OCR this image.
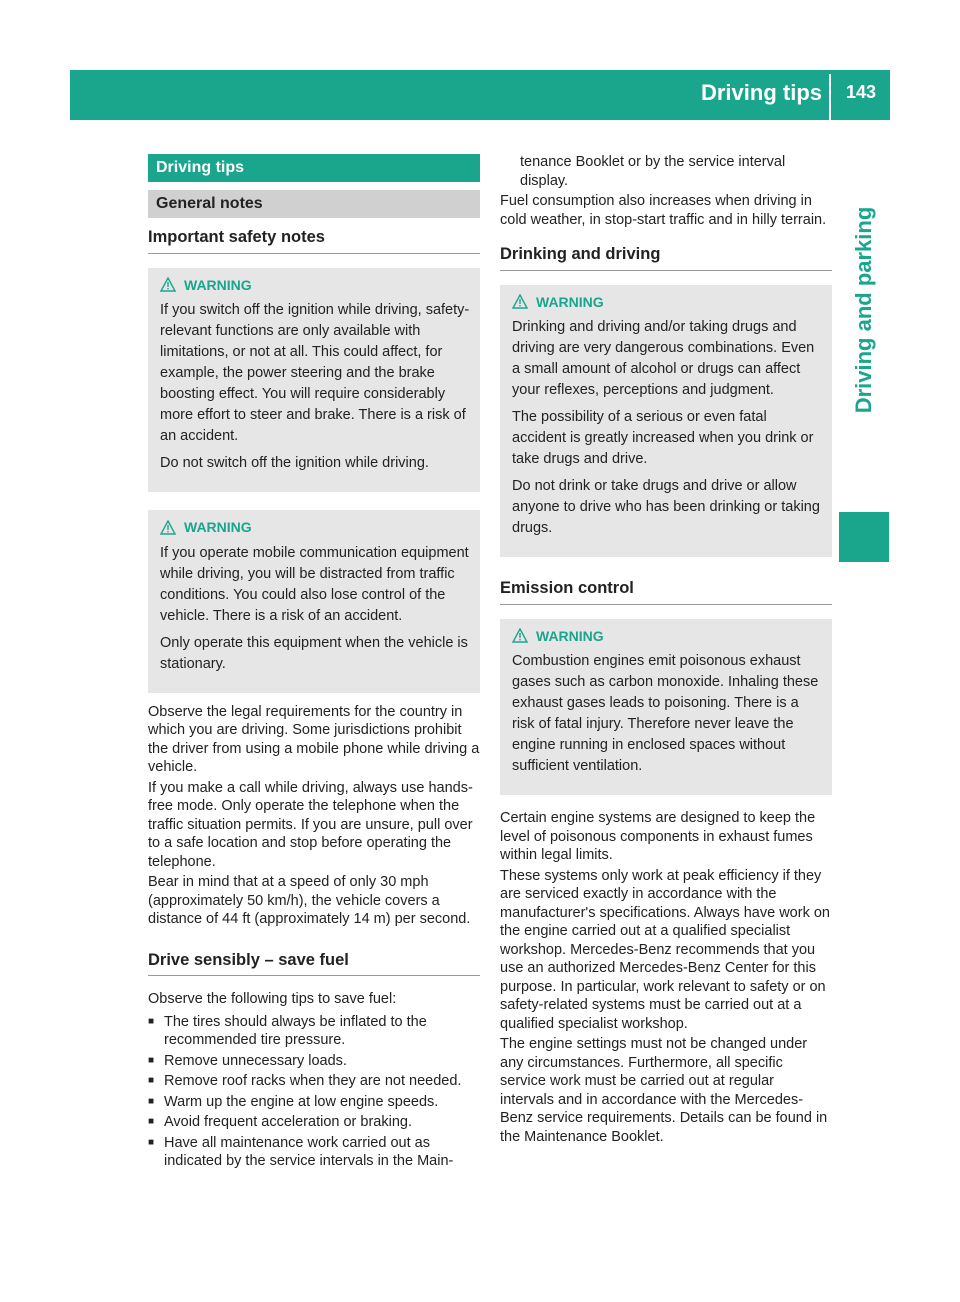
Driving tips	143
Driving and parking
Driving tips
General notes
Important safety notes
WARNING

If you switch off the ignition while driving, safety-relevant functions are only available with limitations, or not at all. This could affect, for example, the power steering and the brake boosting effect. You will require considerably more effort to steer and brake. There is a risk of an accident.

Do not switch off the ignition while driving.

WARNING

If you operate mobile communication equipment while driving, you will be distracted from traffic conditions. You could also lose control of the vehicle. There is a risk of an accident.

Only operate this equipment when the vehicle is stationary.

Observe the legal requirements for the country in which you are driving. Some jurisdictions prohibit the driver from using a mobile phone while driving a vehicle.

If you make a call while driving, always use hands-free mode. Only operate the telephone when the traffic situation permits. If you are unsure, pull over to a safe location and stop before operating the telephone.

Bear in mind that at a speed of only 30 mph (approximately 50 km/h), the vehicle covers a distance of 44 ft (approximately 14 m) per second.

Drive sensibly – save fuel

Observe the following tips to save fuel:

■ The tires should always be inflated to the recommended tire pressure.
■ Remove unnecessary loads.
■ Remove roof racks when they are not needed.
■ Warm up the engine at low engine speeds.
■ Avoid frequent acceleration or braking.
■ Have all maintenance work carried out as indicated by the service intervals in the Main-

tenance Booklet or by the service interval display.

Fuel consumption also increases when driving in cold weather, in stop-start traffic and in hilly terrain.

Drinking and driving
WARNING

Drinking and driving and/or taking drugs and driving are very dangerous combinations. Even a small amount of alcohol or drugs can affect your reflexes, perceptions and judgment.

The possibility of a serious or even fatal accident is greatly increased when you drink or take drugs and drive.

Do not drink or take drugs and drive or allow anyone to drive who has been drinking or taking drugs.

Emission control
WARNING

Combustion engines emit poisonous exhaust gases such as carbon monoxide. Inhaling these exhaust gases leads to poisoning. There is a risk of fatal injury. Therefore never leave the engine running in enclosed spaces without sufficient ventilation.

Certain engine systems are designed to keep the level of poisonous components in exhaust fumes within legal limits.

These systems only work at peak efficiency if they are serviced exactly in accordance with the manufacturer's specifications. Always have work on the engine carried out at a qualified specialist workshop. Mercedes-Benz recommends that you use an authorized Mercedes-Benz Center for this purpose. In particular, work relevant to safety or on safety-related systems must be carried out at a qualified specialist workshop.

The engine settings must not be changed under any circumstances. Furthermore, all specific service work must be carried out at regular intervals and in accordance with the Mercedes-Benz service requirements. Details can be found in the Maintenance Booklet.
